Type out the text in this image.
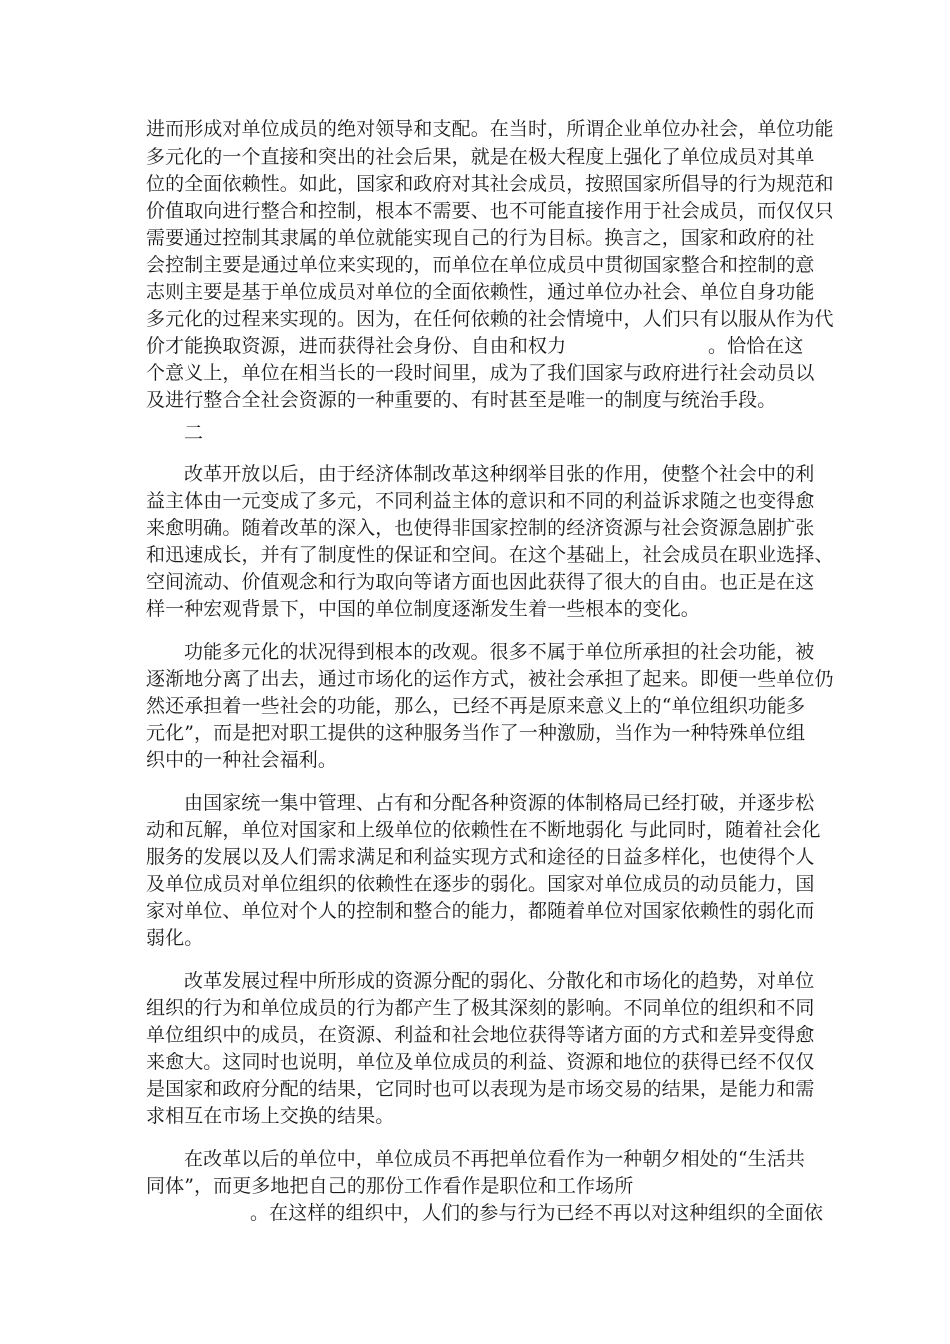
进而形成对单位成员的绝对领导和支配。在当时，所谓企业单位办社会，单位功能
多元化的一个直接和突出的社会后果，就是在极大程度上强化了单位成员对其单
位的全面依赖性。如此，国家和政府对其社会成员，按照国家所倡导的行为规范和
价值取向进行整合和控制，根本不需要、也不可能直接作用于社会成员，而仅仅只
需要通过控制其隶属的单位就能实现自己的行为目标。换言之，国家和政府的社
会控制主要是通过单位来实现的，而单位在单位成员中贯彻国家整合和控制的意
志则主要是基于单位成员对单位的全面依赖性，通过单位办社会、单位自身功能
多元化的过程来实现的。因为，在任何依赖的社会情境中，人们只有以服从作为代
价才能换取资源，进而获得社会身份、自由和权力	。恰恰在这
个意义上，单位在相当长的一段时间里，成为了我们国家与政府进行社会动员以
及进行整合全社会资源的一种重要的、有时甚至是唯一的制度与统治手段。
二
改革开放以后，由于经济体制改革这种纲举目张的作用，使整个社会中的利
益主体由一元变成了多元，不同利益主体的意识和不同的利益诉求随之也变得愈
来愈明确。随着改革的深入，也使得非国家控制的经济资源与社会资源急剧扩张
和迅速成长，并有了制度性的保证和空间。在这个基础上，社会成员在职业选择、
空间流动、价值观念和行为取向等诸方面也因此获得了很大的自由。也正是在这
样一种宏观背景下，中国的单位制度逐渐发生着一些根本的变化。
功能多元化的状况得到根本的改观。很多不属于单位所承担的社会功能，被
逐渐地分离了出去，通过市场化的运作方式，被社会承担了起来。即便一些单位仍
然还承担着一些社会的功能，那么，已经不再是原来意义上的“单位组织功能多
元化”，而是把对职工提供的这种服务当作了一种激励，当作为一种特殊单位组
织中的一种社会福利。
由国家统一集中管理、占有和分配各种资源的体制格局已经打破，并逐步松
动和瓦解，单位对国家和上级单位的依赖性在不断地弱化 与此同时，随着社会化
服务的发展以及人们需求满足和利益实现方式和途径的日益多样化，也使得个人
及单位成员对单位组织的依赖性在逐步的弱化。国家对单位成员的动员能力，国
家对单位、单位对个人的控制和整合的能力，都随着单位对国家依赖性的弱化而
弱化。
改革发展过程中所形成的资源分配的弱化、分散化和市场化的趋势，对单位
组织的行为和单位成员的行为都产生了极其深刻的影响。不同单位的组织和不同
单位组织中的成员，在资源、利益和社会地位获得等诸方面的方式和差异变得愈
来愈大。这同时也说明，单位及单位成员的利益、资源和地位的获得已经不仅仅
是国家和政府分配的结果，它同时也可以表现为是市场交易的结果，是能力和需
求相互在市场上交换的结果。
在改革以后的单位中，单位成员不再把单位看作为一种朝夕相处的“生活共
同体”，而更多地把自己的那份工作看作是职位和工作场所
。在这样的组织中，人们的参与行为已经不再以对这种组织的全面依
